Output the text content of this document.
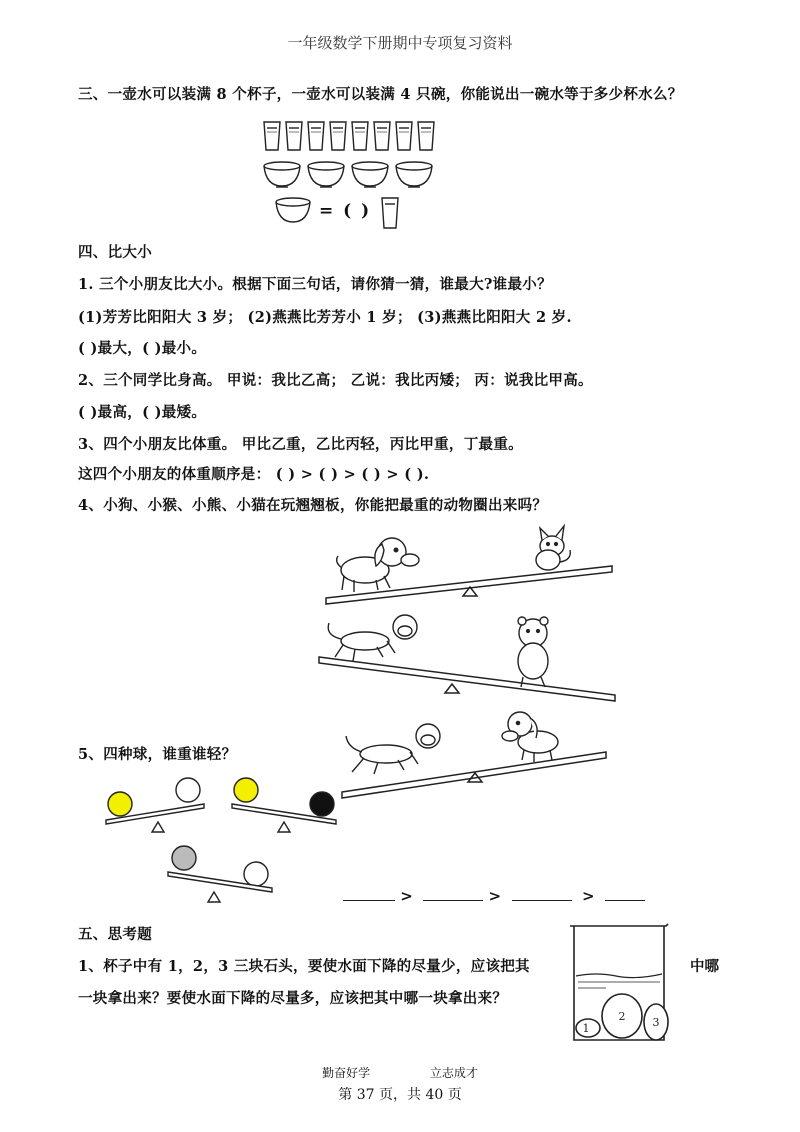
一年级数学下册期中专项复习资料
三、一壶水可以装满 8 个杯子，一壶水可以装满 4 只碗，你能说出一碗水等于多少杯水么？
= ( )
四、比大小
1. 三个小朋友比大小。根据下面三句话，请你猜一猜，谁最大?谁最小？
(1)芳芳比阳阳大 3 岁； (2)燕燕比芳芳小 1 岁； (3)燕燕比阳阳大 2 岁.
( )最大，( )最小。
2、三个同学比身高。 甲说：我比乙高； 乙说：我比丙矮； 丙：说我比甲高。
( )最高，( )最矮。
3、四个小朋友比体重。 甲比乙重，乙比丙轻，丙比甲重，丁最重。
这四个小朋友的体重顺序是： ( ) > ( ) > ( ) > ( ).
4、小狗、小猴、小熊、小猫在玩翘翘板，你能把最重的动物圈出来吗？
5、四种球，谁重谁轻？
>	>	>
五、思考题
1、杯子中有 1，2，3 三块石头，要使水面下降的尽量少，应该把其	中哪
一块拿出来？要使水面下降的尽量多，应该把其中哪一块拿出来？
1
2 3
勤奋好学	立志成才
第 37 页，共 40 页
